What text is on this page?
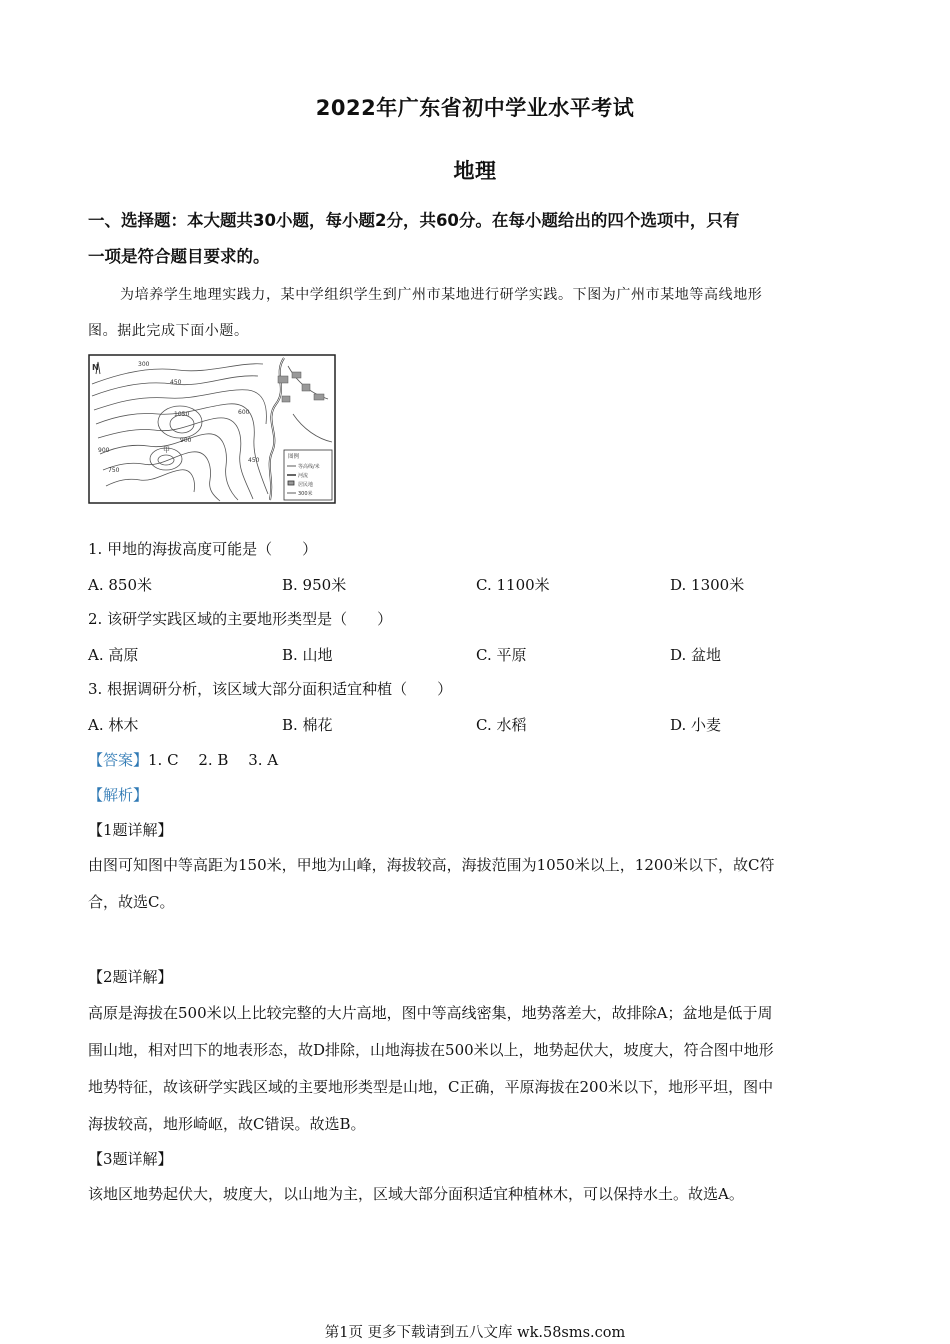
2022年广东省初中学业水平考试
地理
一、选择题：本大题共30小题，每小题2分，共60分。在每小题给出的四个选项中，只有
一项是符合题目要求的。
为培养学生地理实践力，某中学组织学生到广州市某地进行研学实践。下图为广州市某地等高线地形
图。据此完成下面小题。
300
450
1050	600
900
750
900
450
甲
N
图例
等高线/米
河流
居民地
300米
1. 甲地的海拔高度可能是（　　）
A. 850米	B. 950米	C. 1100米	D. 1300米
2. 该研学实践区域的主要地形类型是（　　）
A. 高原	B. 山地	C. 平原	D. 盆地
3. 根据调研分析，该区域大部分面积适宜种植（　　）
A. 林木	B. 棉花	C. 水稻	D. 小麦
【答案】1. C　 2. B　 3. A
【解析】
【1题详解】
由图可知图中等高距为150米，甲地为山峰，海拔较高，海拔范围为1050米以上，1200米以下，故C符
合，故选C。
【2题详解】
高原是海拔在500米以上比较完整的大片高地，图中等高线密集，地势落差大，故排除A；盆地是低于周
围山地，相对凹下的地表形态，故D排除，山地海拔在500米以上，地势起伏大，坡度大，符合图中地形
地势特征，故该研学实践区域的主要地形类型是山地，C正确，平原海拔在200米以下，地形平坦，图中
海拔较高，地形崎岖，故C错误。故选B。
【3题详解】
该地区地势起伏大，坡度大，以山地为主，区域大部分面积适宜种植林木，可以保持水土。故选A。
第1页 更多下载请到五八文库 wk.58sms.com
